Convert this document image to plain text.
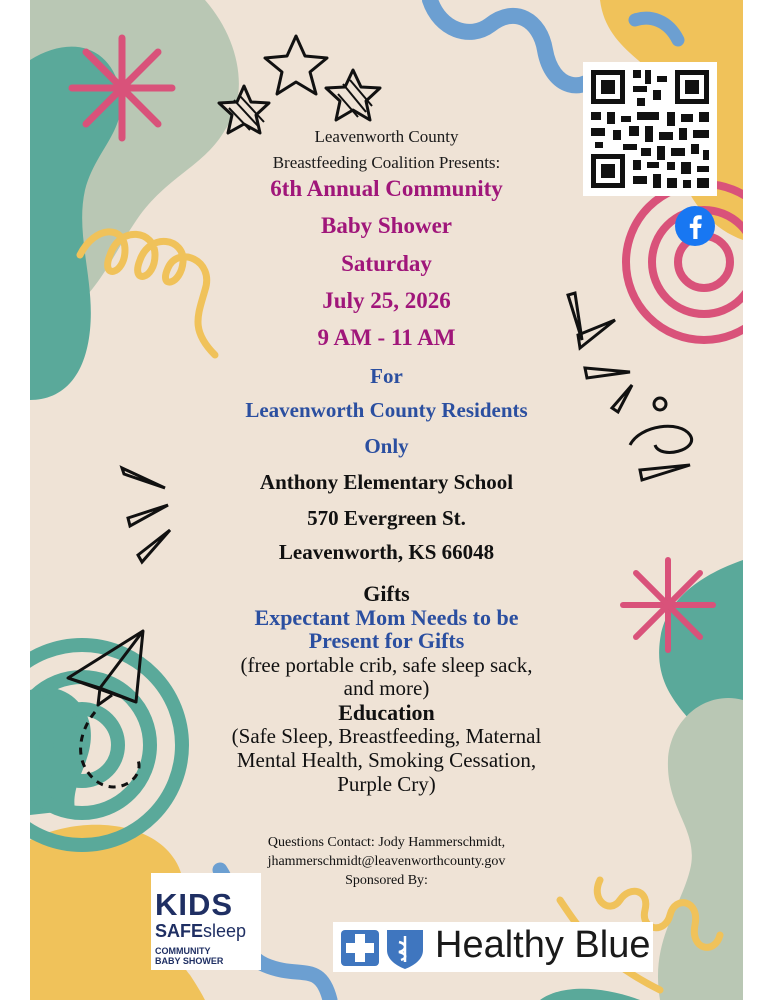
KIDS
SAFEsleep
COMMUNITY
BABY SHOWER	Healthy Blue
Leavenworth County
Breastfeeding Coalition Presents:
6th Annual Community
Baby Shower
Saturday
July 25, 2026
9 AM - 11 AM
For
Leavenworth County Residents
Only
Anthony Elementary School
570 Evergreen St.
Leavenworth, KS 66048
Gifts
Expectant Mom Needs to be
Present for Gifts
(free portable crib, safe sleep sack,
and more)
Education
(Safe Sleep, Breastfeeding, Maternal
Mental Health, Smoking Cessation,
Purple Cry)
Questions Contact: Jody Hammerschmidt,
jhammerschmidt@leavenworthcounty.gov
Sponsored By:
